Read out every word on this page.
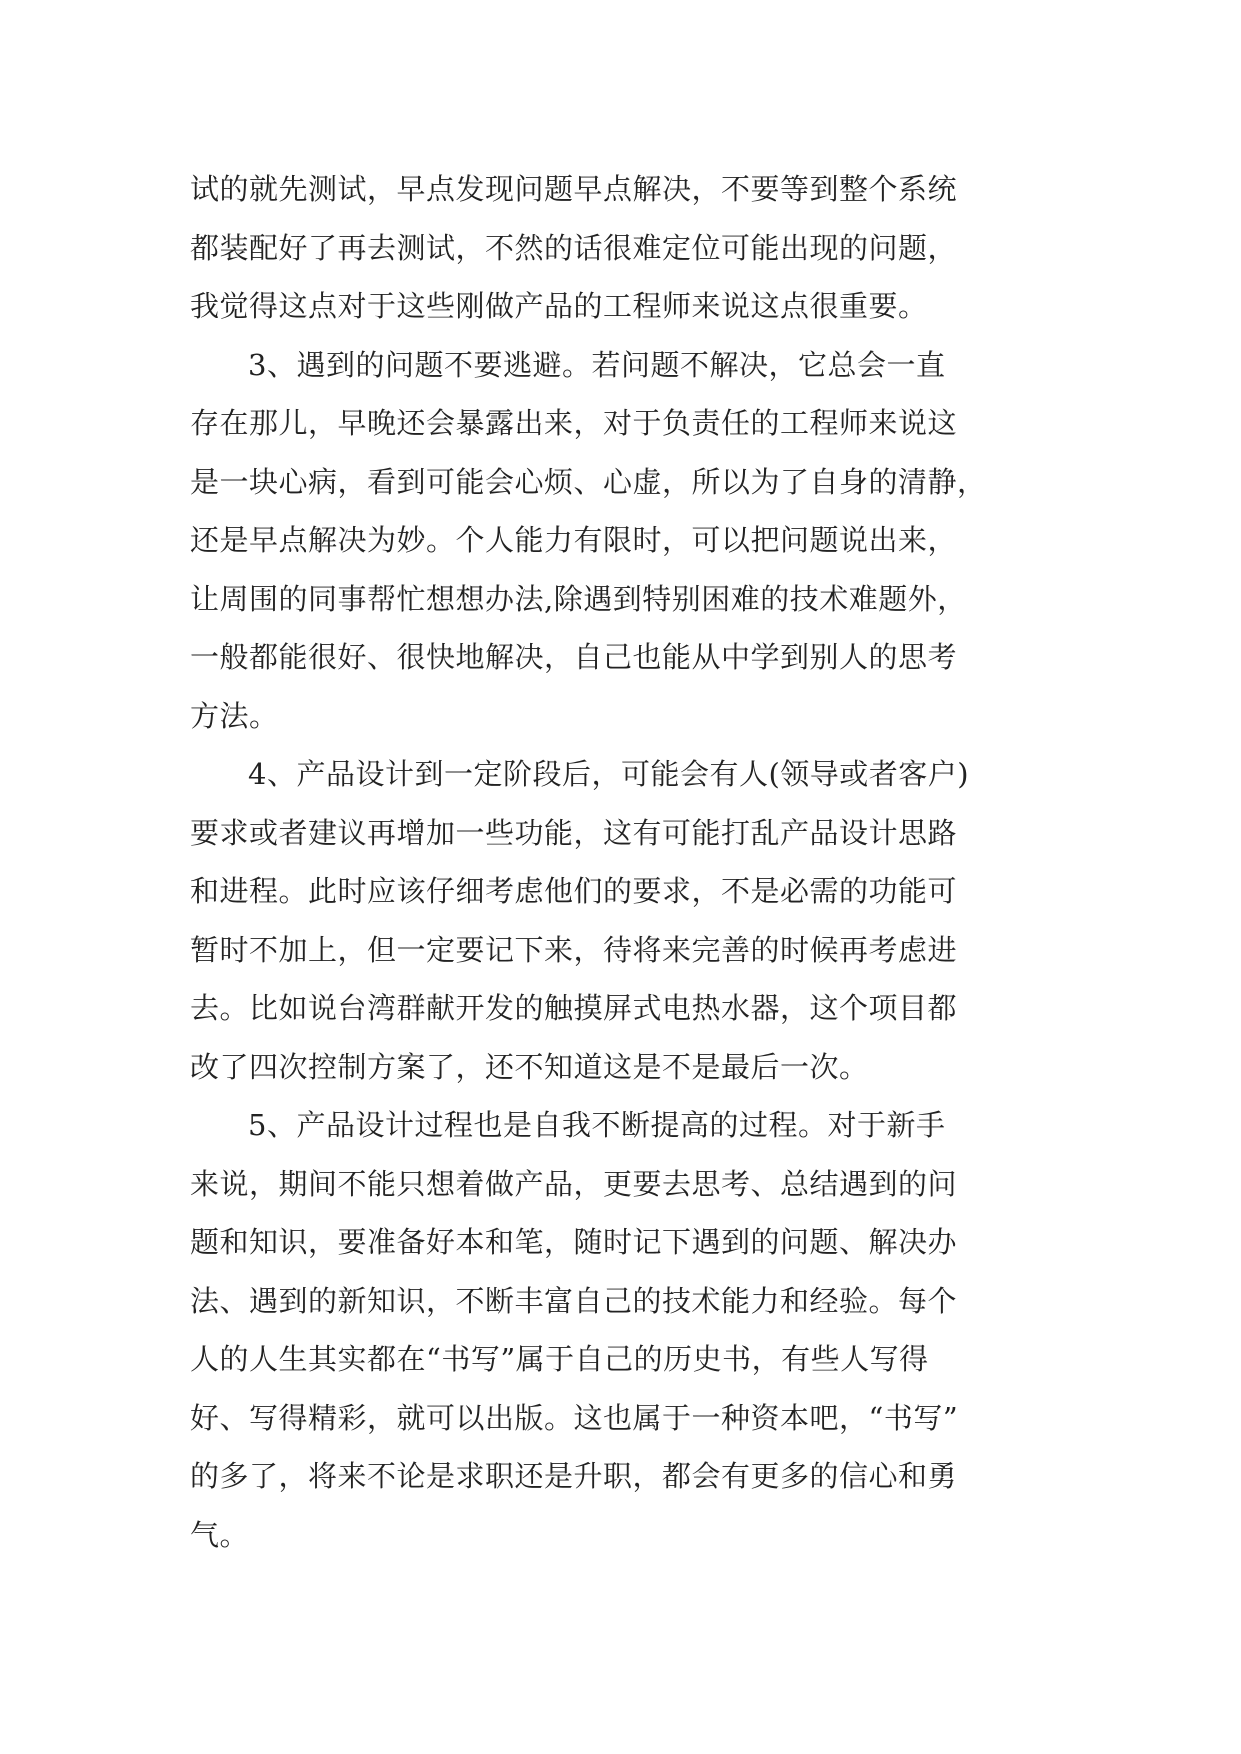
试的就先测试，早点发现问题早点解决，不要等到整个系统
都装配好了再去测试，不然的话很难定位可能出现的问题，
我觉得这点对于这些刚做产品的工程师来说这点很重要。
3、遇到的问题不要逃避。若问题不解决，它总会一直
存在那儿，早晚还会暴露出来，对于负责任的工程师来说这
是一块心病，看到可能会心烦、心虚，所以为了自身的清静，
还是早点解决为妙。个人能力有限时，可以把问题说出来，
让周围的同事帮忙想想办法,除遇到特别困难的技术难题外，
一般都能很好、很快地解决，自己也能从中学到别人的思考
方法。
4、产品设计到一定阶段后，可能会有人(领导或者客户)
要求或者建议再增加一些功能，这有可能打乱产品设计思路
和进程。此时应该仔细考虑他们的要求，不是必需的功能可
暂时不加上，但一定要记下来，待将来完善的时候再考虑进
去。比如说台湾群献开发的触摸屏式电热水器，这个项目都
改了四次控制方案了，还不知道这是不是最后一次。
5、产品设计过程也是自我不断提高的过程。对于新手
来说，期间不能只想着做产品，更要去思考、总结遇到的问
题和知识，要准备好本和笔，随时记下遇到的问题、解决办
法、遇到的新知识，不断丰富自己的技术能力和经验。每个
人的人生其实都在“书写”属于自己的历史书，有些人写得
好、写得精彩，就可以出版。这也属于一种资本吧，“书写”
的多了，将来不论是求职还是升职，都会有更多的信心和勇
气。
